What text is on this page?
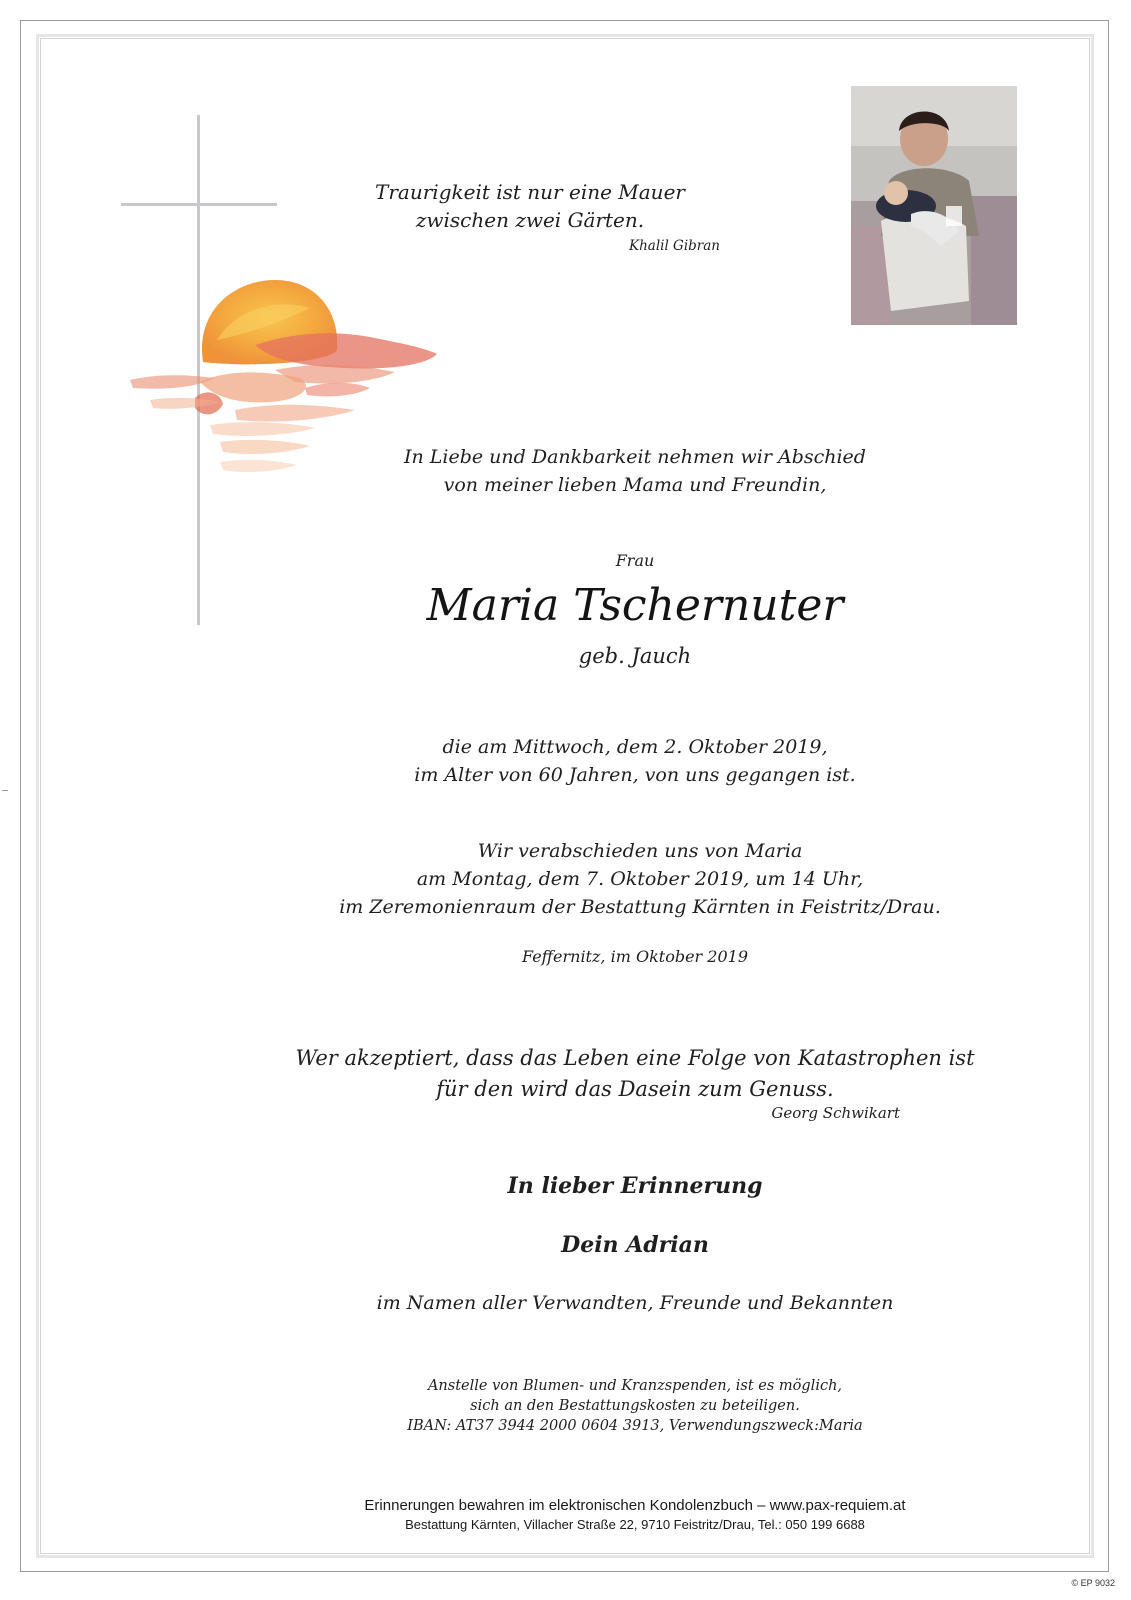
Traurigkeit ist nur eine Mauer
zwischen zwei Gärten.
Khalil Gibran
In Liebe und Dankbarkeit nehmen wir Abschied
von meiner lieben Mama und Freundin,
Frau
Maria Tschernuter
geb. Jauch
die am Mittwoch, dem 2. Oktober 2019,
im Alter von 60 Jahren, von uns gegangen ist.
Wir verabschieden uns von Maria
am Montag, dem 7. Oktober 2019, um 14 Uhr,
im Zeremonienraum der Bestattung Kärnten in Feistritz/Drau.
Feffernitz, im Oktober 2019
Wer akzeptiert, dass das Leben eine Folge von Katastrophen ist
für den wird das Dasein zum Genuss.
Georg Schwikart
In lieber Erinnerung
Dein Adrian
im Namen aller Verwandten, Freunde und Bekannten
Anstelle von Blumen- und Kranzspenden, ist es möglich,
sich an den Bestattungskosten zu beteiligen.
IBAN: AT37 3944 2000 0604 3913, Verwendungszweck:Maria
Erinnerungen bewahren im elektronischen Kondolenzbuch – www.pax-requiem.at
Bestattung Kärnten, Villacher Straße 22, 9710 Feistritz/Drau, Tel.: 050 199 6688
© EP 9032
